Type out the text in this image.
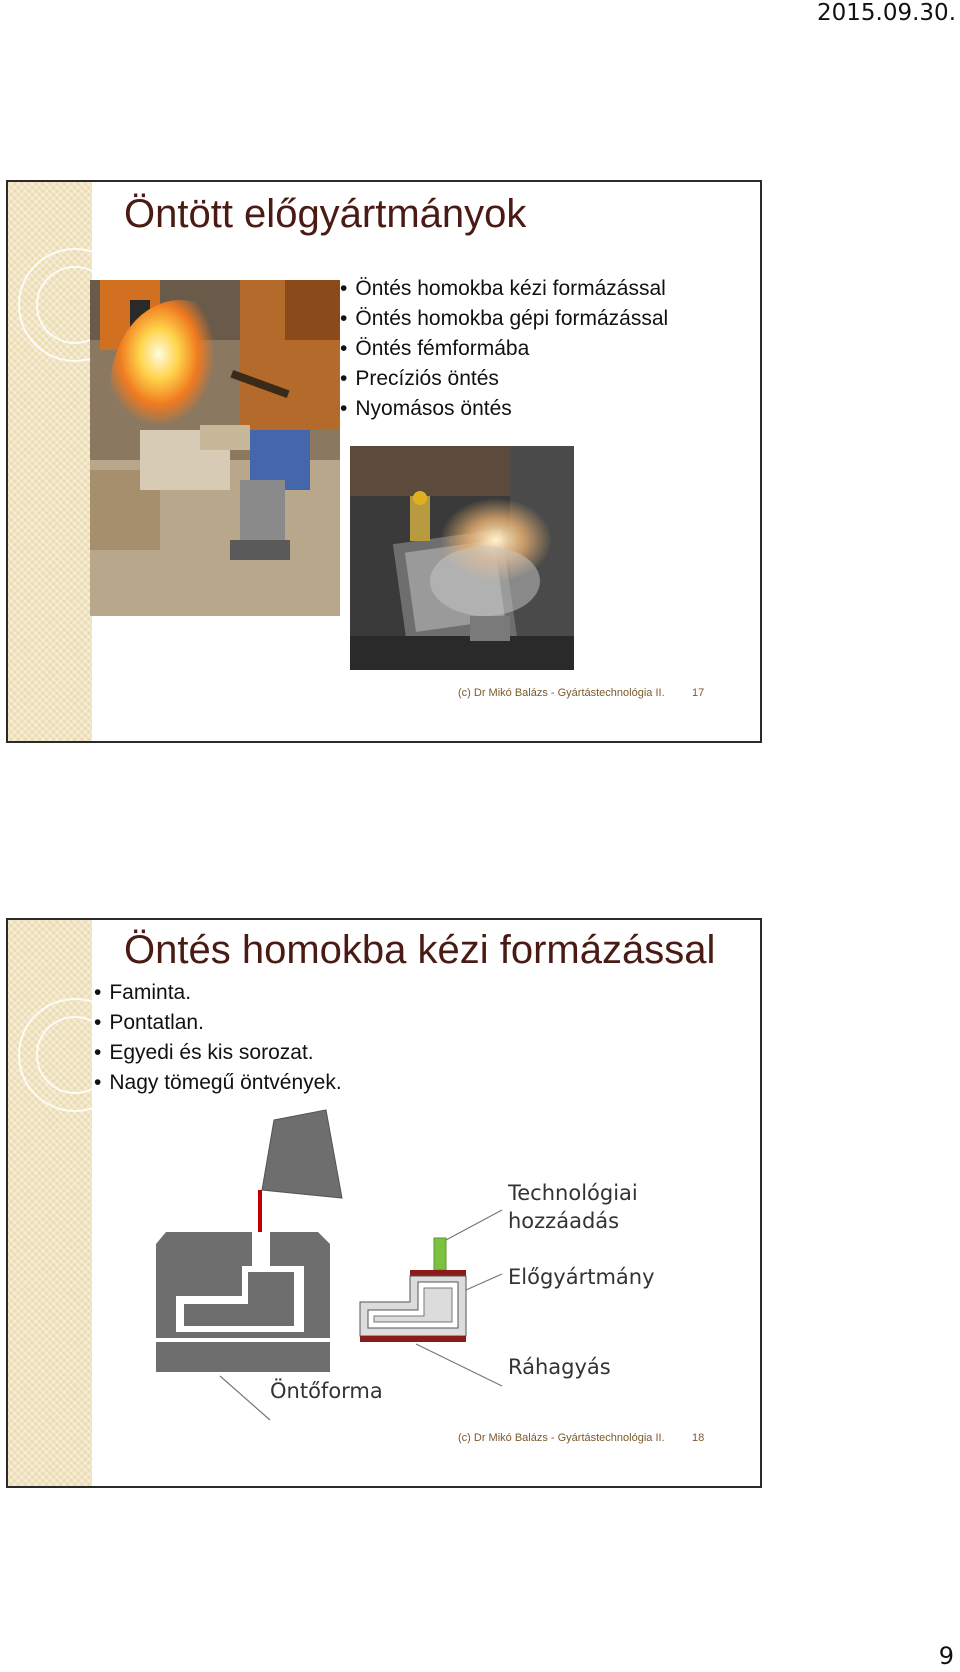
2015.09.30.
Öntött előgyártmányok
• Öntés homokba kézi formázással
• Öntés homokba gépi formázással
• Öntés fémformába
• Precíziós öntés
• Nyomásos öntés
(c) Dr Mikó Balázs - Gyártástechnológia II. 17
Öntés homokba kézi formázással
• Faminta.
• Pontatlan.
• Egyedi és kis sorozat.
• Nagy tömegű öntvények.
Technológiai
hozzáadás
Előgyártmány
Ráhagyás
Öntőforma
(c) Dr Mikó Balázs - Gyártástechnológia II. 18
9
